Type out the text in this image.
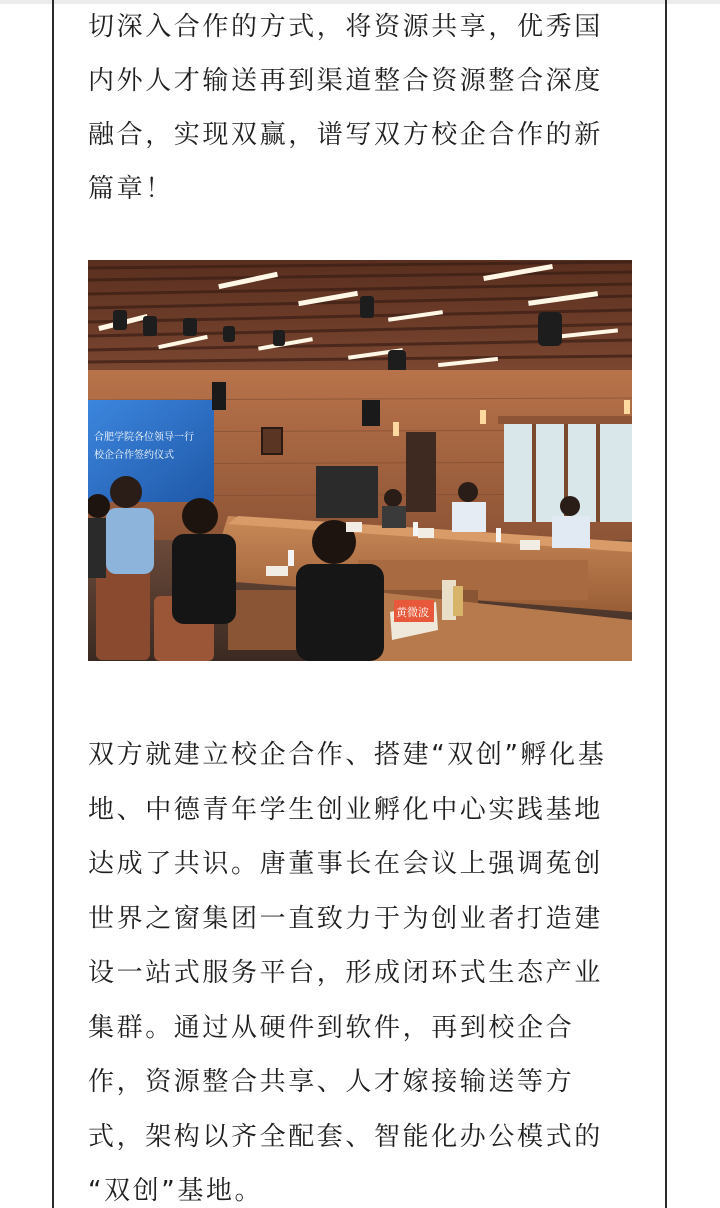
切深入合作的方式，将资源共享，优秀国
内外人才输送再到渠道整合资源整合深度
融合，实现双赢，谱写双方校企合作的新
篇章！
合肥学院各位领导一行
校企合作签约仪式
黄微波
双方就建立校企合作、搭建“双创”孵化基
地、中德青年学生创业孵化中心实践基地
达成了共识。唐董事长在会议上强调菟创
世界之窗集团一直致力于为创业者打造建
设一站式服务平台，形成闭环式生态产业
集群。通过从硬件到软件，再到校企合
作，资源整合共享、人才嫁接输送等方
式，架构以齐全配套、智能化办公模式的
“双创”基地。
